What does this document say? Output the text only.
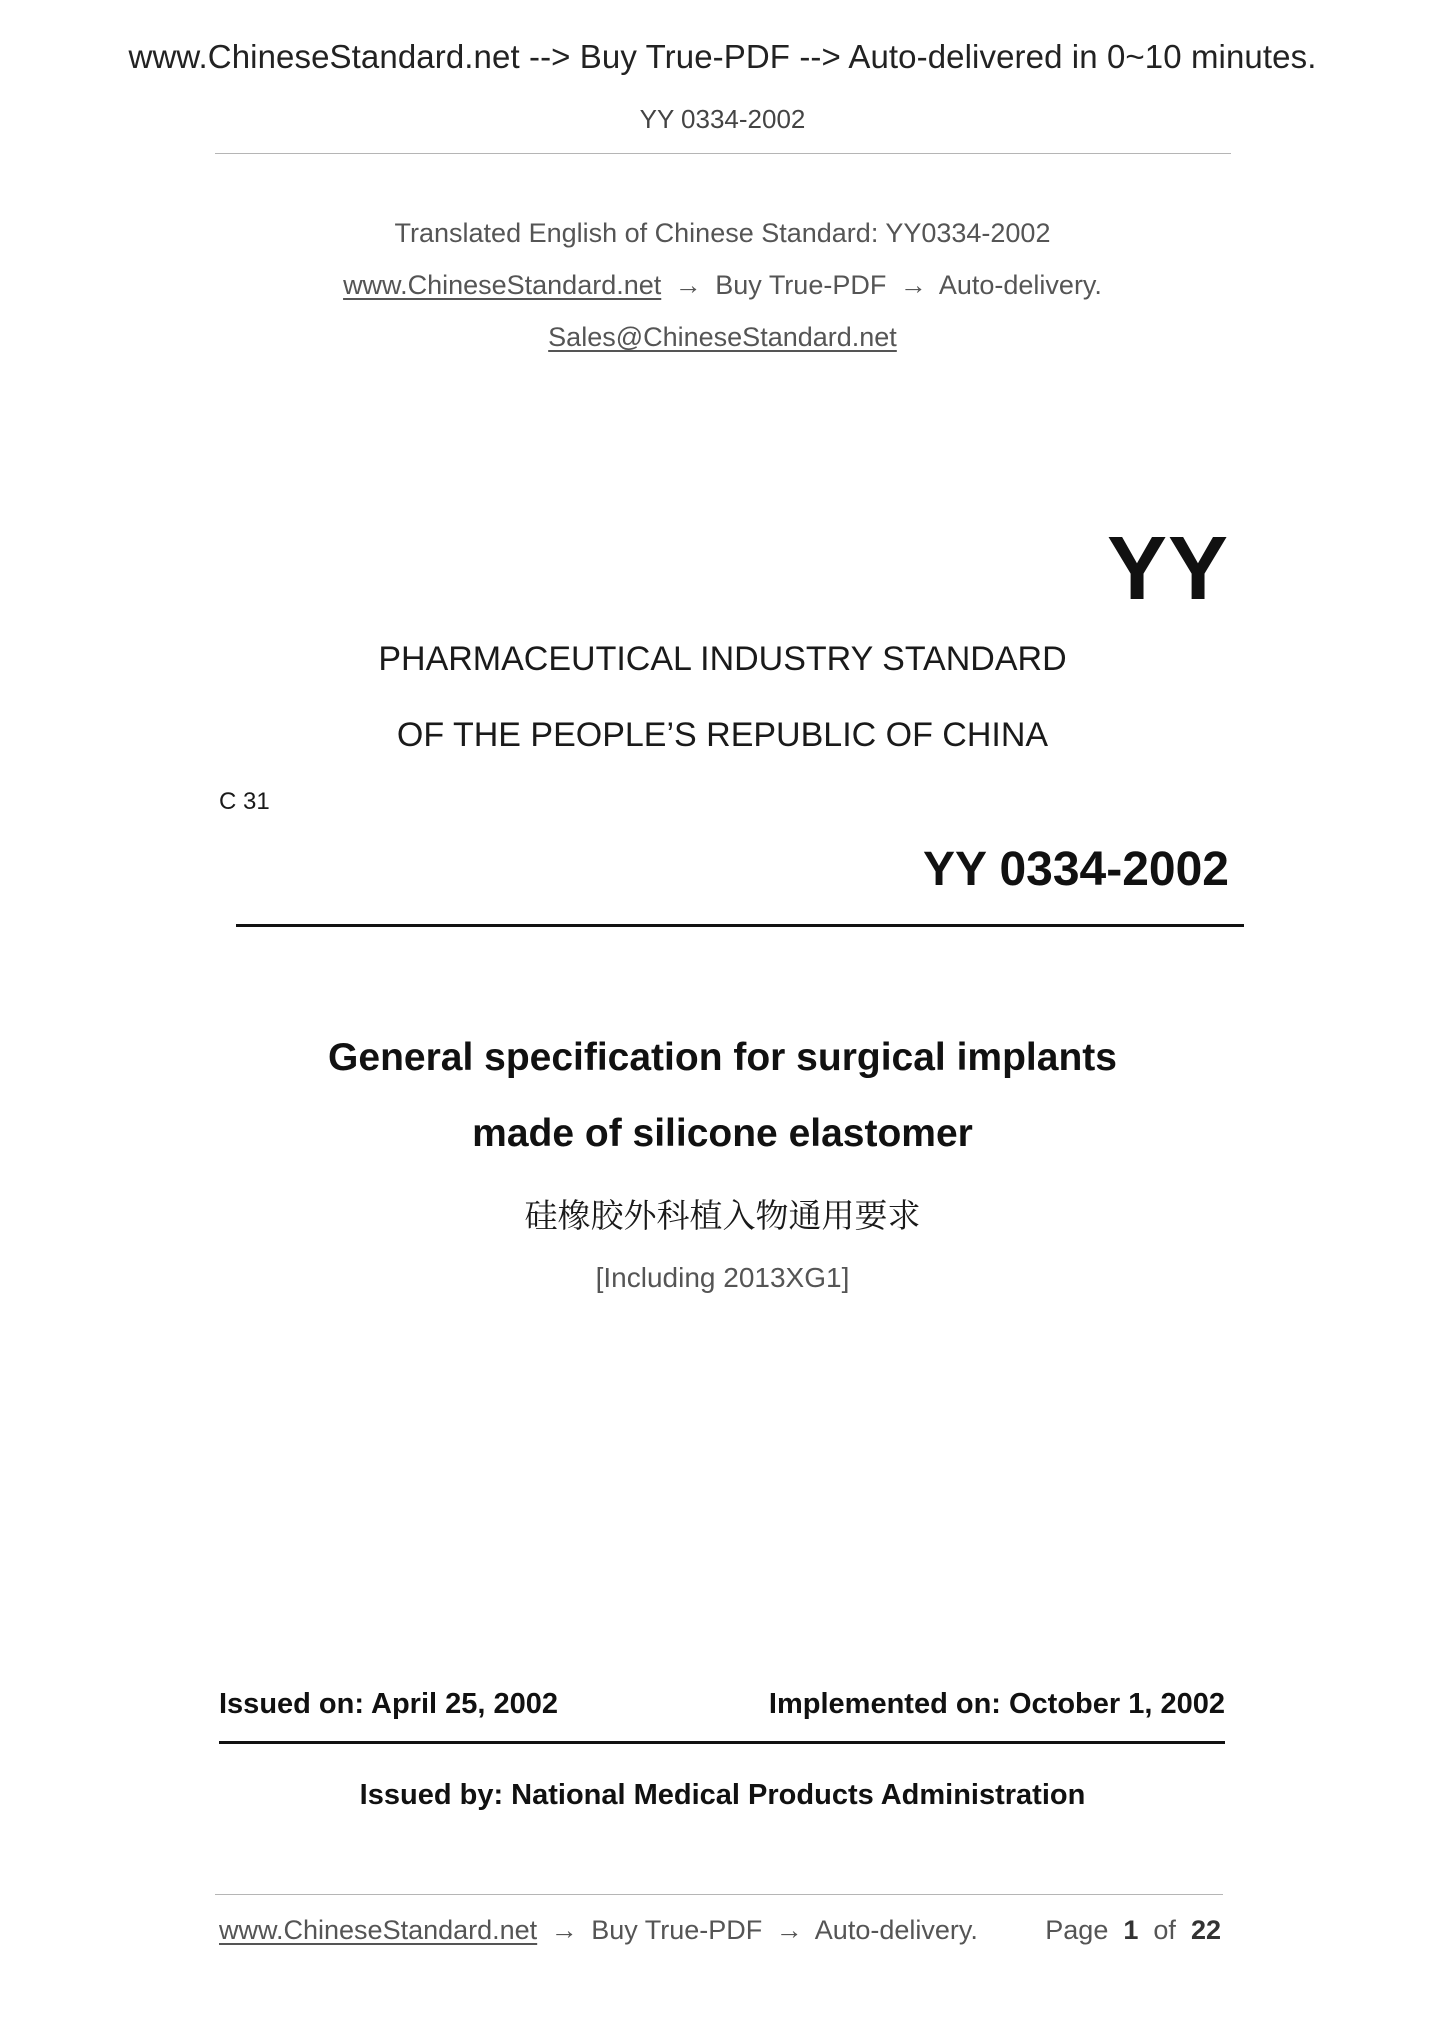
www.ChineseStandard.net --> Buy True-PDF --> Auto-delivered in 0~10 minutes.
YY 0334-2002
Translated English of Chinese Standard: YY0334-2002
www.ChineseStandard.net → Buy True-PDF → Auto-delivery.
Sales@ChineseStandard.net
YY
PHARMACEUTICAL INDUSTRY STANDARD
OF THE PEOPLE’S REPUBLIC OF CHINA
C 31
YY 0334-2002
General specification for surgical implants
made of silicone elastomer
硅橡胶外科植入物通用要求
[Including 2013XG1]
Issued on: April 25, 2002	Implemented on: October 1, 2002
Issued by: National Medical Products Administration
www.ChineseStandard.net → Buy True-PDF → Auto-delivery. Page 1 of 22
